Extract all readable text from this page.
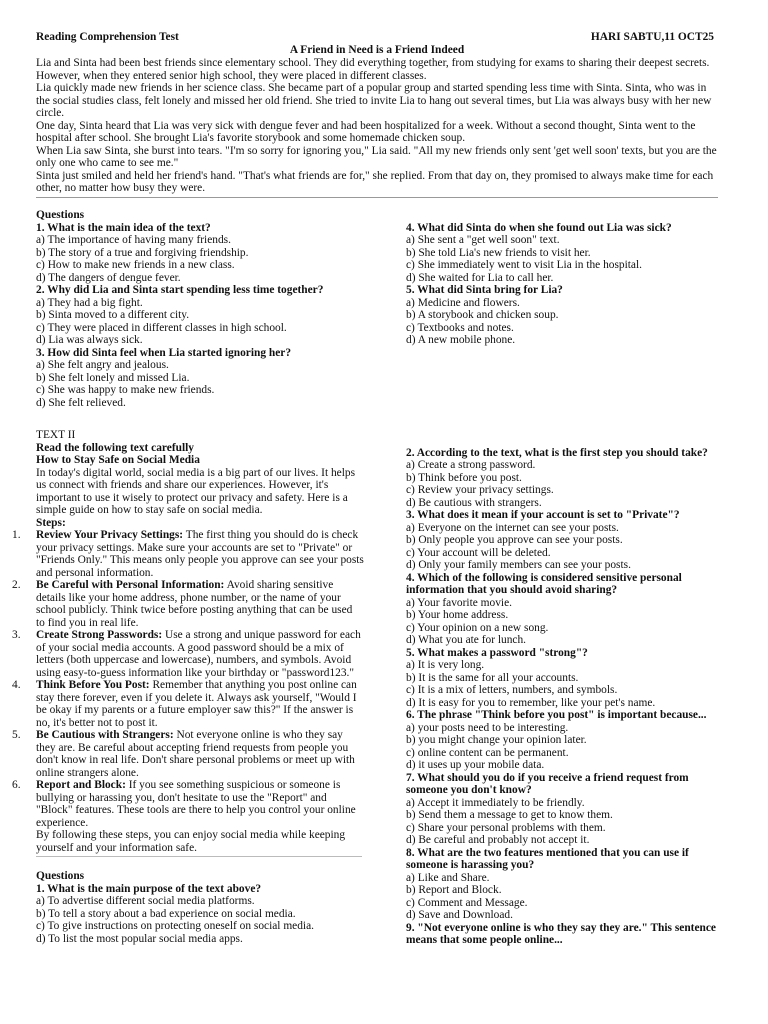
Reading Comprehension Test	HARI SABTU,11 OCT25
A Friend in Need is a Friend Indeed

Lia and Sinta had been best friends since elementary school. They did everything together, from studying for exams to sharing their deepest secrets. However, when they entered senior high school, they were placed in different classes.

Lia quickly made new friends in her science class. She became part of a popular group and started spending less time with Sinta. Sinta, who was in the social studies class, felt lonely and missed her old friend. She tried to invite Lia to hang out several times, but Lia was always busy with her new circle.

One day, Sinta heard that Lia was very sick with dengue fever and had been hospitalized for a week. Without a second thought, Sinta went to the hospital after school. She brought Lia's favorite storybook and some homemade chicken soup.

When Lia saw Sinta, she burst into tears. "I'm so sorry for ignoring you," Lia said. "All my new friends only sent 'get well soon' texts, but you are the only one who came to see me."

Sinta just smiled and held her friend's hand. "That's what friends are for," she replied. From that day on, they promised to always make time for each other, no matter how busy they were.

Questions
1. What is the main idea of the text?
a) The importance of having many friends.
b) The story of a true and forgiving friendship.
c) How to make new friends in a new class.
d) The dangers of dengue fever.
2. Why did Lia and Sinta start spending less time together?
a) They had a big fight.
b) Sinta moved to a different city.
c) They were placed in different classes in high school.
d) Lia was always sick.
3. How did Sinta feel when Lia started ignoring her?
a) She felt angry and jealous.
b) She felt lonely and missed Lia.
c) She was happy to make new friends.
d) She felt relieved.
4. What did Sinta do when she found out Lia was sick?
a) She sent a "get well soon" text.
b) She told Lia's new friends to visit her.
c) She immediately went to visit Lia in the hospital.
d) She waited for Lia to call her.
5. What did Sinta bring for Lia?
a) Medicine and flowers.
b) A storybook and chicken soup.
c) Textbooks and notes.
d) A new mobile phone.
TEXT II
Read the following text carefully
How to Stay Safe on Social Media
In today's digital world, social media is a big part of our lives. It helps us connect with friends and share our experiences. However, it's important to use it wisely to protect our privacy and safety. Here is a simple guide on how to stay safe on social media.
Steps:
1. Review Your Privacy Settings: The first thing you should do is check your privacy settings. Make sure your accounts are set to "Private" or "Friends Only." This means only people you approve can see your posts and personal information.
2. Be Careful with Personal Information: Avoid sharing sensitive details like your home address, phone number, or the name of your school publicly. Think twice before posting anything that can be used to find you in real life.
3. Create Strong Passwords: Use a strong and unique password for each of your social media accounts. A good password should be a mix of letters (both uppercase and lowercase), numbers, and symbols. Avoid using easy-to-guess information like your birthday or "password123."
4. Think Before You Post: Remember that anything you post online can stay there forever, even if you delete it. Always ask yourself, "Would I be okay if my parents or a future employer saw this?" If the answer is no, it's better not to post it.
5. Be Cautious with Strangers: Not everyone online is who they say they are. Be careful about accepting friend requests from people you don't know in real life. Don't share personal problems or meet up with online strangers alone.
6. Report and Block: If you see something suspicious or someone is bullying or harassing you, don't hesitate to use the "Report" and "Block" features. These tools are there to help you control your online experience.
By following these steps, you can enjoy social media while keeping yourself and your information safe.
Questions
1. What is the main purpose of the text above?
a) To advertise different social media platforms.
b) To tell a story about a bad experience on social media.
c) To give instructions on protecting oneself on social media.
d) To list the most popular social media apps.
2. According to the text, what is the first step you should take?
a) Create a strong password.
b) Think before you post.
c) Review your privacy settings.
d) Be cautious with strangers.
3. What does it mean if your account is set to "Private"?
a) Everyone on the internet can see your posts.
b) Only people you approve can see your posts.
c) Your account will be deleted.
d) Only your family members can see your posts.
4. Which of the following is considered sensitive personal information that you should avoid sharing?
a) Your favorite movie.
b) Your home address.
c) Your opinion on a new song.
d) What you ate for lunch.
5. What makes a password "strong"?
a) It is very long.
b) It is the same for all your accounts.
c) It is a mix of letters, numbers, and symbols.
d) It is easy for you to remember, like your pet's name.
6. The phrase "Think before you post" is important because...
a) your posts need to be interesting.
b) you might change your opinion later.
c) online content can be permanent.
d) it uses up your mobile data.
7. What should you do if you receive a friend request from someone you don't know?
a) Accept it immediately to be friendly.
b) Send them a message to get to know them.
c) Share your personal problems with them.
d) Be careful and probably not accept it.
8. What are the two features mentioned that you can use if someone is harassing you?
a) Like and Share.
b) Report and Block.
c) Comment and Message.
d) Save and Download.
9. "Not everyone online is who they say they are." This sentence means that some people online...
